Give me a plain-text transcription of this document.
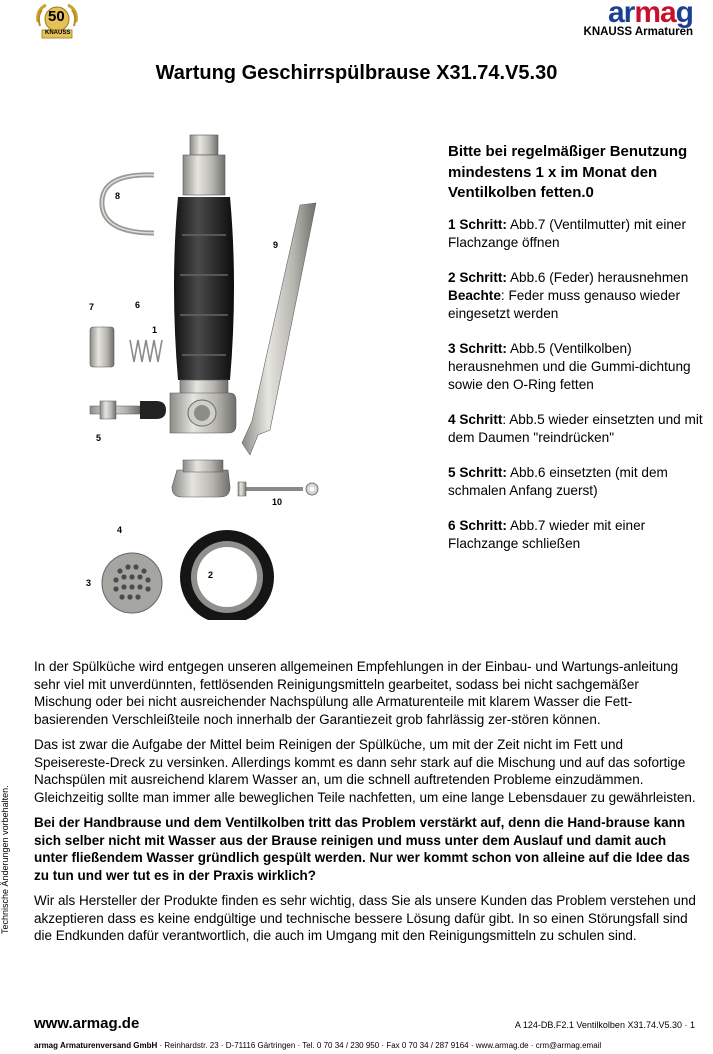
50
KNAUSS
armag
KNAUSS Armaturen
Wartung Geschirrspülbrause X31.74.V5.30
1
2
3
4
5
6
7
8
9
10
Bitte bei regelmäßiger Benutzung mindestens 1 x im Monat den Ventilkolben fetten.0
1 Schritt: Abb.7 (Ventilmutter) mit einer Flachzange öffnen
2 Schritt: Abb.6 (Feder) herausnehmen
Beachte: Feder muss genauso wieder eingesetzt werden
3 Schritt: Abb.5 (Ventilkolben) herausnehmen und die Gummi-dichtung sowie den O-Ring fetten
4 Schritt: Abb.5 wieder einsetzten und mit dem Daumen "reindrücken"
5 Schritt: Abb.6 einsetzten (mit dem schmalen Anfang zuerst)
6 Schritt: Abb.7 wieder mit einer Flachzange schließen

In der Spülküche wird entgegen unseren allgemeinen Empfehlungen in der Einbau- und Wartungs-anleitung sehr viel mit unverdünnten, fettlösenden Reinigungsmitteln gearbeitet, sodass bei nicht sachgemäßer Mischung oder bei nicht ausreichender Nachspülung alle Armaturenteile mit klarem Wasser die Fett-basierenden Verschleißteile noch innerhalb der Garantiezeit grob fahrlässig zer-stören können.

Das ist zwar die Aufgabe der Mittel beim Reinigen der Spülküche, um mit der Zeit nicht im Fett und Speisereste-Dreck zu versinken. Allerdings kommt es dann sehr stark auf die Mischung und auf das sofortige Nachspülen mit ausreichend klarem Wasser an, um die schnell auftretenden Probleme einzudämmen. Gleichzeitig sollte man immer alle beweglichen Teile nachfetten, um eine lange Lebensdauer zu gewährleisten.

Bei der Handbrause und dem Ventilkolben tritt das Problem verstärkt auf, denn die Hand-brause kann sich selber nicht mit Wasser aus der Brause reinigen und muss unter dem Auslauf und damit auch unter fließendem Wasser gründlich gespült werden. Nur wer kommt schon von alleine auf die Idee das zu tun und wer tut es in der Praxis wirklich?

Wir als Hersteller der Produkte finden es sehr wichtig, dass Sie als unsere Kunden das Problem verstehen und akzeptieren dass es keine endgültige und technische bessere Lösung dafür gibt. In so einen Störungsfall sind die Endkunden dafür verantwortlich, die auch im Umgang mit den Reinigungsmitteln zu schulen sind.

Technische Änderungen vorbehalten.
www.armag.de	A 124-DB.F2.1 Ventilkolben X31.74.V5.30 · 1
armag Armaturenversand GmbH · Reinhardstr. 23 · D-71116 Gärtringen · Tel. 0 70 34 / 230 950 · Fax 0 70 34 / 287 9164 · www.armag.de · crm@armag.email
